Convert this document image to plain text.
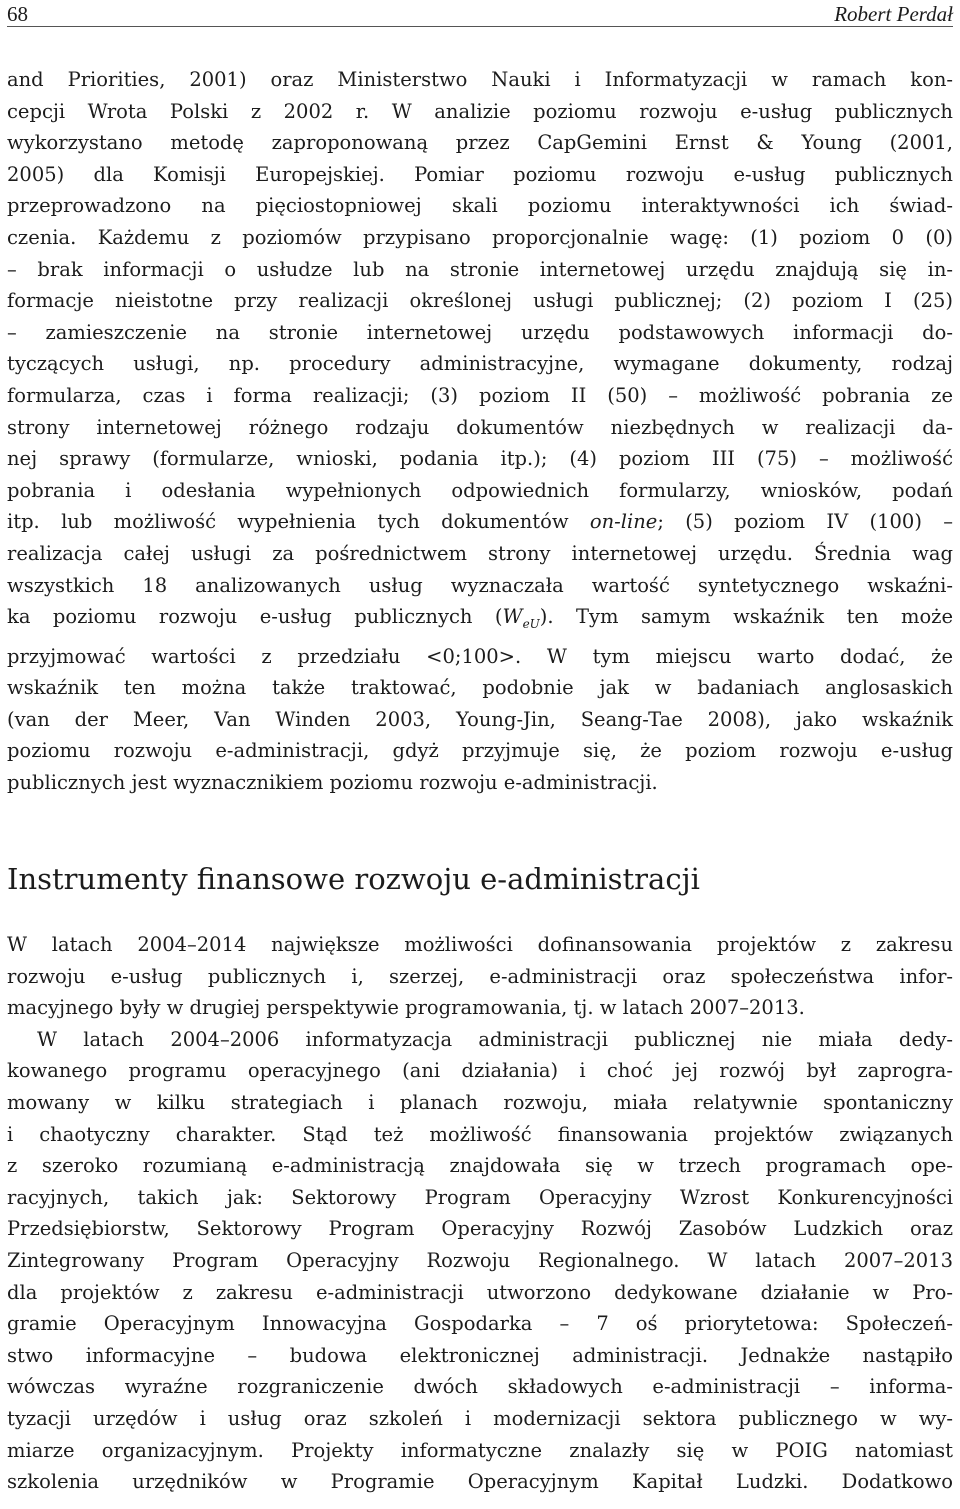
68	Robert Perdał
and Priorities, 2001) oraz Ministerstwo Nauki i Informatyzacji w ramach kon-
cepcji Wrota Polski z 2002 r. W analizie poziomu rozwoju e-usług publicznych
wykorzystano metodę zaproponowaną przez CapGemini Ernst & Young (2001,
2005) dla Komisji Europejskiej. Pomiar poziomu rozwoju e-usług publicznych
przeprowadzono na pięciostopniowej skali poziomu interaktywności ich świad-
czenia. Każdemu z poziomów przypisano proporcjonalnie wagę: (1) poziom 0 (0)
– brak informacji o usłudze lub na stronie internetowej urzędu znajdują się in-
formacje nieistotne przy realizacji określonej usługi publicznej; (2) poziom I (25)
– zamieszczenie na stronie internetowej urzędu podstawowych informacji do-
tyczących usługi, np. procedury administracyjne, wymagane dokumenty, rodzaj
formularza, czas i forma realizacji; (3) poziom II (50) – możliwość pobrania ze
strony internetowej różnego rodzaju dokumentów niezbędnych w realizacji da-
nej sprawy (formularze, wnioski, podania itp.); (4) poziom III (75) – możliwość
pobrania i odesłania wypełnionych odpowiednich formularzy, wniosków, podań
itp. lub możliwość wypełnienia tych dokumentów on-line; (5) poziom IV (100) –
realizacja całej usługi za pośrednictwem strony internetowej urzędu. Średnia wag
wszystkich 18 analizowanych usług wyznaczała wartość syntetycznego wskaźni-
ka poziomu rozwoju e-usług publicznych $(W_{eU})$. Tym samym wskaźnik ten może
przyjmować wartości z przedziału <0;100>. W tym miejscu warto dodać, że
wskaźnik ten można także traktować, podobnie jak w badaniach anglosaskich
(van der Meer, Van Winden 2003, Young-Jin, Seang-Tae 2008), jako wskaźnik
poziomu rozwoju e-administracji, gdyż przyjmuje się, że poziom rozwoju e-usług
publicznych jest wyznacznikiem poziomu rozwoju e-administracji.
Instrumenty finansowe rozwoju e-administracji
W latach 2004–2014 największe możliwości dofinansowania projektów z zakresu
rozwoju e-usług publicznych i, szerzej, e-administracji oraz społeczeństwa infor-
macyjnego były w drugiej perspektywie programowania, tj. w latach 2007–2013.
W latach 2004–2006 informatyzacja administracji publicznej nie miała dedy-
kowanego programu operacyjnego (ani działania) i choć jej rozwój był zaprogra-
mowany w kilku strategiach i planach rozwoju, miała relatywnie spontaniczny
i chaotyczny charakter. Stąd też możliwość finansowania projektów związanych
z szeroko rozumianą e-administracją znajdowała się w trzech programach ope-
racyjnych, takich jak: Sektorowy Program Operacyjny Wzrost Konkurencyjności
Przedsiębiorstw, Sektorowy Program Operacyjny Rozwój Zasobów Ludzkich oraz
Zintegrowany Program Operacyjny Rozwoju Regionalnego. W latach 2007–2013
dla projektów z zakresu e-administracji utworzono dedykowane działanie w Pro-
gramie Operacyjnym Innowacyjna Gospodarka – 7 oś priorytetowa: Społeczeń-
stwo informacyjne – budowa elektronicznej administracji. Jednakże nastąpiło
wówczas wyraźne rozgraniczenie dwóch składowych e-administracji – informa-
tyzacji urzędów i usług oraz szkoleń i modernizacji sektora publicznego w wy-
miarze organizacyjnym. Projekty informatyczne znalazły się w POIG natomiast
szkolenia urzędników w Programie Operacyjnym Kapitał Ludzki. Dodatkowo
